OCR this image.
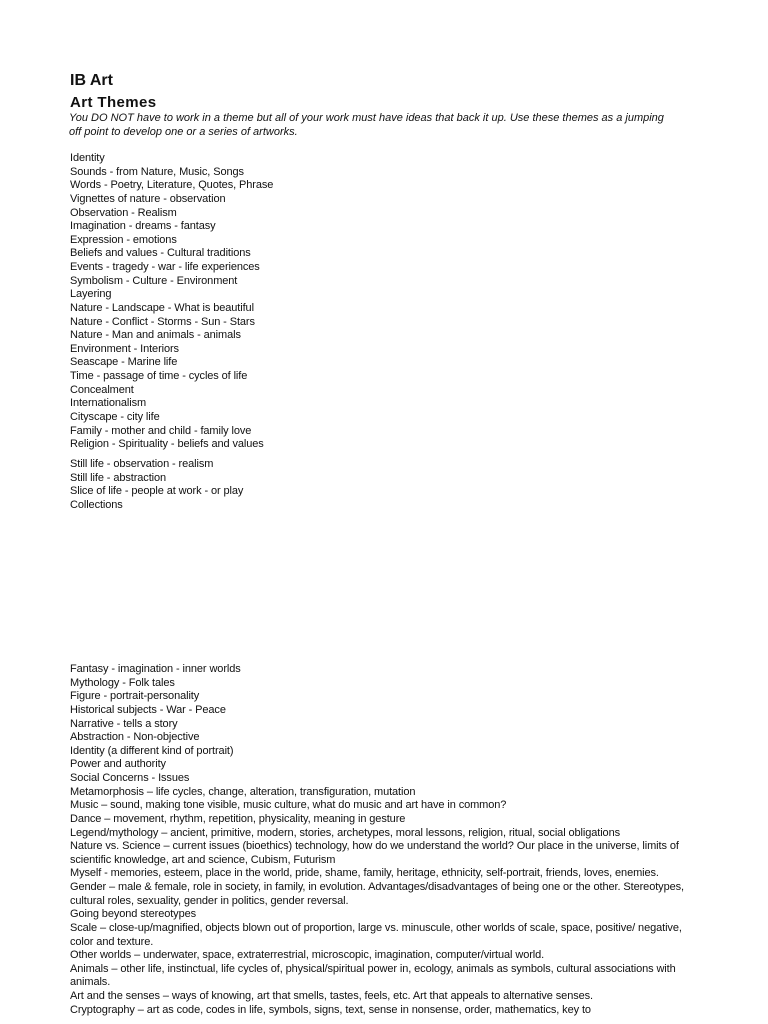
IB Art
Art Themes

You DO NOT have to work in a theme but all of your work must have ideas that back it up. Use these themes as a jumping off point to develop one or a series of artworks.

Identity
Sounds - from Nature, Music, Songs
Words - Poetry, Literature, Quotes, Phrase
Vignettes of nature - observation
Observation - Realism
Imagination - dreams - fantasy
Expression - emotions
Beliefs and values - Cultural traditions
Events - tragedy - war - life experiences
Symbolism - Culture - Environment
Layering
Nature - Landscape - What is beautiful
Nature - Conflict - Storms - Sun - Stars
Nature - Man and animals - animals
Environment - Interiors
Seascape - Marine life
Time - passage of time - cycles of life
Concealment
Internationalism
Cityscape - city life
Family - mother and child - family love
Religion - Spirituality - beliefs and values
Still life - observation - realism
Still life - abstraction
Slice of life - people at work - or play
Collections
Fantasy - imagination - inner worlds
Mythology - Folk tales
Figure - portrait-personality
Historical subjects - War - Peace
Narrative - tells a story
Abstraction - Non-objective
Identity (a different kind of portrait)
Power and authority
Social Concerns - Issues
Metamorphosis – life cycles, change, alteration, transfiguration, mutation
Music – sound, making tone visible, music culture, what do music and art have in common?
Dance – movement, rhythm, repetition, physicality, meaning in gesture
Legend/mythology – ancient, primitive, modern, stories, archetypes, moral lessons, religion, ritual, social obligations
Nature vs. Science – current issues (bioethics) technology, how do we understand the world? Our place in the universe, limits of scientific knowledge, art and science, Cubism, Futurism
Myself - memories, esteem, place in the world, pride, shame, family, heritage, ethnicity, self-portrait, friends, loves, enemies.
Gender – male & female, role in society, in family, in evolution. Advantages/disadvantages of being one or the other. Stereotypes, cultural roles, sexuality, gender in politics, gender reversal.
Going beyond stereotypes
Scale – close-up/magnified, objects blown out of proportion, large vs. minuscule, other worlds of scale, space, positive/ negative, color and texture.
Other worlds – underwater, space, extraterrestrial, microscopic, imagination, computer/virtual world.
Animals – other life, instinctual, life cycles of, physical/spiritual power in, ecology, animals as symbols, cultural associations with animals.
Art and the senses – ways of knowing, art that smells, tastes, feels, etc. Art that appeals to alternative senses.
Cryptography – art as code, codes in life, symbols, signs, text, sense in nonsense, order, mathematics, key to
